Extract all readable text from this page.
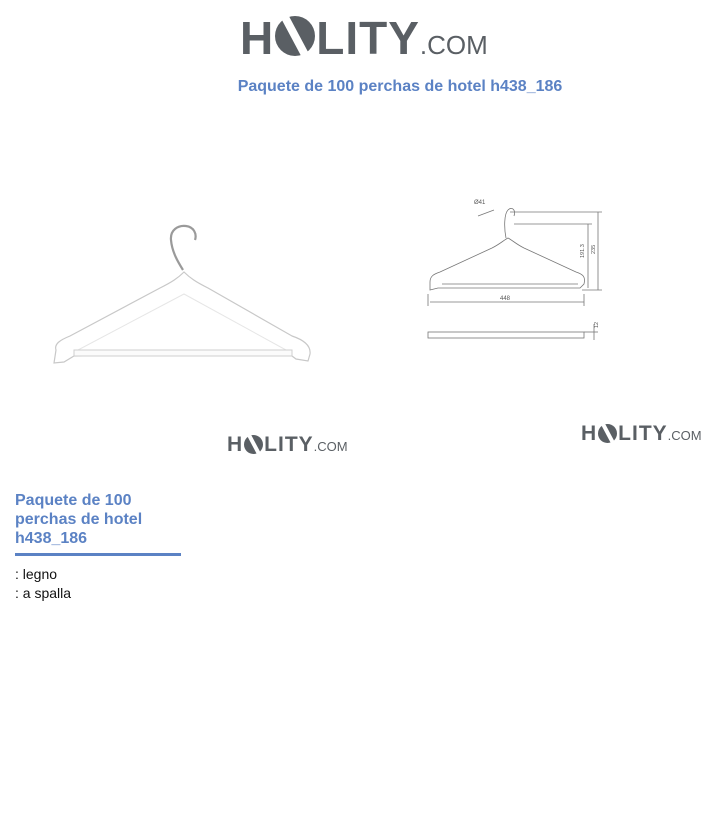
H LITY .COM
Paquete de 100 perchas de hotel h438_186
Ø41
191.3 235
448
12
H LITY .COM
H LITY .COM
Paquete de 100 perchas de hotel h438_186
: legno
: a spalla
